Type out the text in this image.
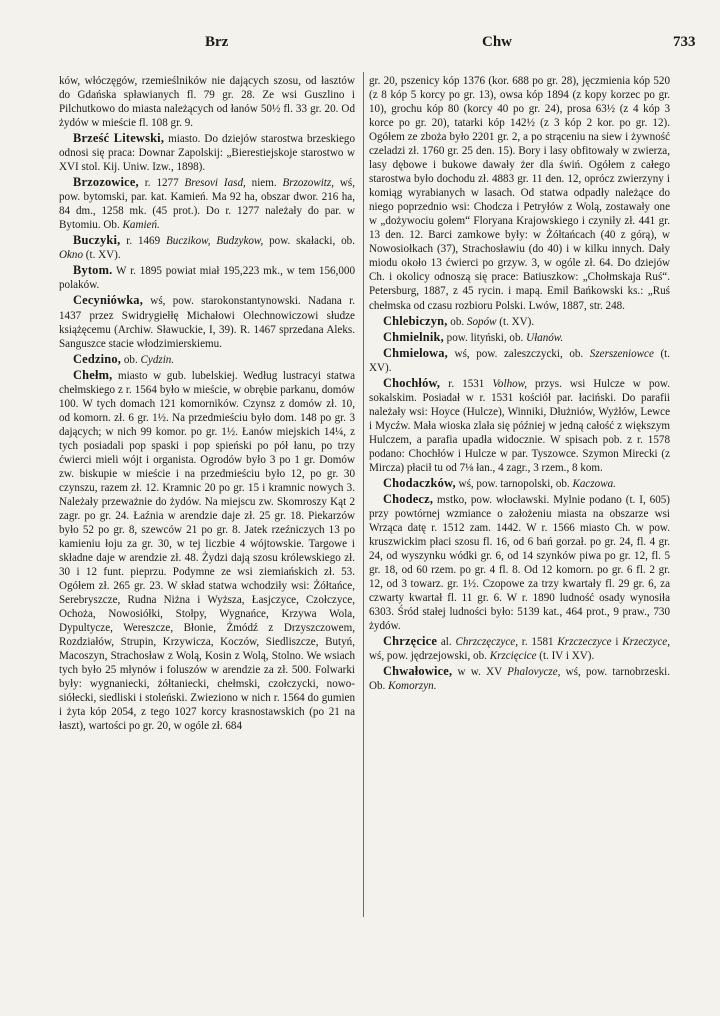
Brz	Chw	733

ków, włóczęgów, rzemieślników nie dających szosu, od łasztów do Gdańska spławianych fl. 79 gr. 28. Ze wsi Guszlino i Pilchutkowo do miasta należących od łanów 50½ fl. 33 gr. 20. Od żydów w mieście fl. 108 gr. 9.

Brześć Litewski, miasto. Do dziejów starostwa brzeskiego odnosi się praca: Downar Zapolskij: „Bierestiejskoje starostwo w XVI stol. Kij. Uniw. Izw., 1898).

Brzozowice, r. 1277 Bresovi Iasd, niem. Brzozowitz, wś, pow. bytomski, par. kat. Kamień. Ma 92 ha, obszar dwor. 216 ha, 84 dm., 1258 mk. (45 prot.). Do r. 1277 należały do par. w Bytomiu. Ob. Kamień.

Buczyki, r. 1469 Buczikow, Budzykow, pow. skałacki, ob. Okno (t. XV).

Bytom. W r. 1895 powiat miał 195,223 mk., w tem 156,000 polaków.

Cecyniówka, wś, pow. starokonstantynowski. Nadana r. 1437 przez Swidrygiełłę Michałowi Olechnowiczowi słudze książęcemu (Archiw. Sławuckie, I, 39). R. 1467 sprzedana Aleks. Sanguszce stacie włodzimierskiemu.

Cedzino, ob. Cydzin.

Chełm, miasto w gub. lubelskiej. Według lustracyi statwa chełmskiego z r. 1564 było w mieście, w obrębie parkanu, domów 100. W tych domach 121 komorników. Czynsz z domów zł. 10, od komorn. zł. 6 gr. 1½. Na przedmieściu było dom. 148 po gr. 3 dających; w nich 99 komor. po gr. 1½. Łanów miejskich 14¼, z tych posiadali pop spaski i pop spieński po pół łanu, po trzy ćwierci mieli wójt i organista. Ogrodów było 3 po 1 gr. Domów zw. biskupie w mieście i na przedmieściu było 12, po gr. 30 czynszu, razem zł. 12. Kramnic 20 po gr. 15 i kramnic nowych 3. Należały przeważnie do żydów. Na miejscu zw. Skomroszy Kąt 2 zagr. po gr. 24. Łaźnia w arendzie daje zł. 25 gr. 18. Piekarzów było 52 po gr. 8, szewców 21 po gr. 8. Jatek rzeźniczych 13 po kamieniu łoju za gr. 30, w tej liczbie 4 wójtowskie. Targowe i składne daje w arendzie zł. 48. Żydzi dają szosu królewskiego zł. 30 i 12 funt. pieprzu. Podymne ze wsi ziemiańskich zł. 53. Ogółem zł. 265 gr. 23. W skład statwa wchodziły wsi: Żółtańce, Serebryszcze, Rudna Niżna i Wyższa, Łasjczyce, Czołczyce, Ochoża, Nowosiółki, Stołpy, Wygnańce, Krzywa Wola, Dypultycze, Wereszcze, Błonie, Żmódź z Drzyszczowem, Rozdziałów, Strupin, Krzywicza, Koczów, Siedliszcze, Butyń, Macoszyn, Strachosław z Wolą, Kosin z Wolą, Stolno. We wsiach tych było 25 młynów i foluszów w arendzie za zł. 500. Folwarki były: wygnaniecki, żółtaniecki, chełmski, czołczycki, nowo-siółecki, siedliski i stoleński. Zwieziono w nich r. 1564 do gumien i żyta kóp 2054, z tego 1027 korcy krasnostawskich (po 21 na łaszt), wartości po gr. 20, w ogóle zł. 684

gr. 20, pszenicy kóp 1376 (kor. 688 po gr. 28), jęczmienia kóp 520 (z 8 kóp 5 korcy po gr. 13), owsa kóp 1894 (z kopy korzec po gr. 10), grochu kóp 80 (korcy 40 po gr. 24), prosa 63½ (z 4 kóp 3 korce po gr. 20), tatarki kóp 142½ (z 3 kóp 2 kor. po gr. 12). Ogółem ze zboża było 2201 gr. 2, a po strąceniu na siew i żywność czeladzi zł. 1760 gr. 25 den. 15). Bory i lasy obfitowały w zwierza, lasy dębowe i bukowe dawały żer dla świń. Ogółem z całego starostwa było dochodu zł. 4883 gr. 11 den. 12, oprócz zwierzyny i komiąg wyrabianych w lasach. Od statwa odpadły należące do niego poprzednio wsi: Chodcza i Petryłów z Wolą, zostawały one w „dożywociu gołem“ Floryana Krajowskiego i czyniły zł. 441 gr. 13 den. 12. Barci zamkowe były: w Żółtańcach (40 z górą), w Nowosiołkach (37), Strachosławiu (do 40) i w kilku innych. Dały miodu około 13 ćwierci po grzyw. 3, w ogóle zł. 64. Do dziejów Ch. i okolicy odnoszą się prace: Batiuszkow: „Chołmskaja Ruś“. Petersburg, 1887, z 45 rycin. i mapą. Emil Bańkowski ks.: „Ruś chełmska od czasu rozbioru Polski. Lwów, 1887, str. 248.

Chlebiczyn, ob. Sopów (t. XV).

Chmielnik, pow. lityński, ob. Ułanów.

Chmielowa, wś, pow. zaleszczycki, ob. Szerszeniowce (t. XV).

Chochłów, r. 1531 Volhow, przys. wsi Hulcze w pow. sokalskim. Posiadał w r. 1531 kościół par. łaciński. Do parafii należały wsi: Hoyce (Hulcze), Winniki, Dłużniów, Wyżłów, Lewce i Mycźw. Mała wioska zlała się później w jedną całość z większym Hulczem, a parafia upadła widocznie. W spisach pob. z r. 1578 podano: Chochłów i Hulcze w par. Tyszowce. Szymon Mirecki (z Mircza) płacił tu od 7⅛ łan., 4 zagr., 3 rzem., 8 kom.

Chodaczków, wś, pow. tarnopolski, ob. Kaczowa.

Chodecz, mstko, pow. włocławski. Mylnie podano (t. I, 605) przy powtórnej wzmiance o założeniu miasta na obszarze wsi Wrząca datę r. 1512 zam. 1442. W r. 1566 miasto Ch. w pow. kruszwickim płaci szosu fl. 16, od 6 bań gorzał. po gr. 24, fl. 4 gr. 24, od wyszynku wódki gr. 6, od 14 szynków piwa po gr. 12, fl. 5 gr. 18, od 60 rzem. po gr. 4 fl. 8. Od 12 komorn. po gr. 6 fl. 2 gr. 12, od 3 towarz. gr. 1½. Czopowe za trzy kwartały fl. 29 gr. 6, za czwarty kwartał fl. 11 gr. 6. W r. 1890 ludność osady wynosiła 6303. Śród stałej ludności było: 5139 kat., 464 prot., 9 praw., 730 żydów.

Chrzęcice al. Chrzczęczyce, r. 1581 Krzczeczyce i Krzeczyce, wś, pow. jędrzejowski, ob. Krzcięcice (t. IV i XV).

Chwałowice, w w. XV Phalovycze, wś, pow. tarnobrzeski. Ob. Komorzyn.
